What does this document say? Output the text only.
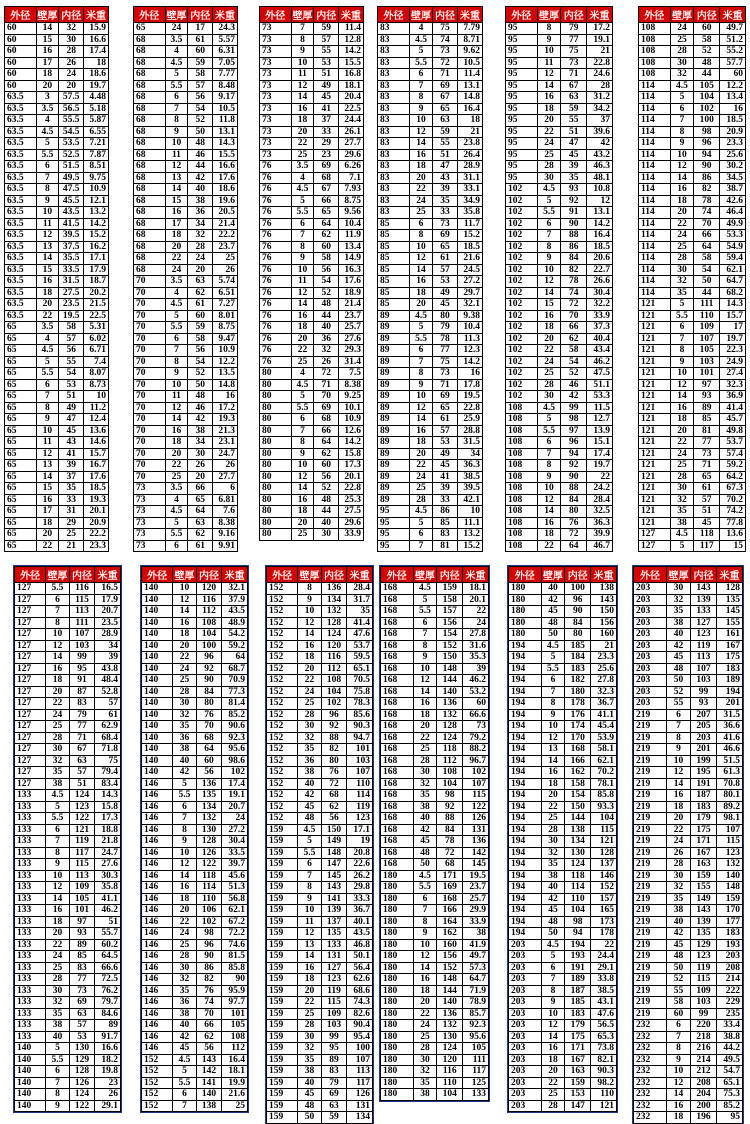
外径	壁厚	内径	米重
60	14	32	15.9
60	15	30	16.6
60	16	28	17.4
60	17	26	18
60	18	24	18.6
60	20	20	19.7
63.5	3	57.5	4.48
63.5	3.5	56.5	5.18
63.5	4	55.5	5.87
63.5	4.5	54.5	6.55
63.5	5	53.5	7.21
63.5	5.5	52.5	7.87
63.5	6	51.5	8.51
63.5	7	49.5	9.75
63.5	8	47.5	10.9
63.5	9	45.5	12.1
63.5	10	43.5	13.2
63.5	11	41.5	14.2
63.5	12	39.5	15.2
63.5	13	37.5	16.2
63.5	14	35.5	17.1
63.5	15	33.5	17.9
63.5	16	31.5	18.7
63.5	18	27.5	20.2
63.5	20	23.5	21.5
63.5	22	19.5	22.5
65	3.5	58	5.31
65	4	57	6.02
65	4.5	56	6.71
65	5	55	7.4
65	5.5	54	8.07
65	6	53	8.73
65	7	51	10
65	8	49	11.2
65	9	47	12.4
65	10	45	13.6
65	11	43	14.6
65	12	41	15.7
65	13	39	16.7
65	14	37	17.6
65	15	35	18.5
65	16	33	19.3
65	17	31	20.1
65	18	29	20.9
65	20	25	22.2
65	22	21	23.3
外径	壁厚	内径	米重
65	24	17	24.3
68	3.5	61	5.57
68	4	60	6.31
68	4.5	59	7.05
68	5	58	7.77
68	5.5	57	8.48
68	6	56	9.17
68	7	54	10.5
68	8	52	11.8
68	9	50	13.1
68	10	48	14.3
68	11	46	15.5
68	12	44	16.6
68	13	42	17.6
68	14	40	18.6
68	15	38	19.6
68	16	36	20.5
68	17	34	21.4
68	18	32	22.2
68	20	28	23.7
68	22	24	25
68	24	20	26
70	3.5	63	5.74
70	4	62	6.51
70	4.5	61	7.27
70	5	60	8.01
70	5.5	59	8.75
70	6	58	9.47
70	7	56	10.9
70	8	54	12.2
70	9	52	13.5
70	10	50	14.8
70	11	48	16
70	12	46	17.2
70	14	42	19.3
70	16	38	21.3
70	18	34	23.1
70	20	30	24.7
70	22	26	26
70	25	20	27.7
73	3.5	66	6
73	4	65	6.81
73	4.5	64	7.6
73	5	63	8.38
73	5.5	62	9.16
73	6	61	9.91
外径	壁厚	内径	米重
73	7	59	11.4
73	8	57	12.8
73	9	55	14.2
73	10	53	15.5
73	11	51	16.8
73	12	49	18.1
73	14	45	20.4
73	16	41	22.5
73	18	37	24.4
73	20	33	26.1
73	22	29	27.7
73	25	23	29.6
76	3.5	69	6.26
76	4	68	7.1
76	4.5	67	7.93
76	5	66	8.75
76	5.5	65	9.56
76	6	64	10.4
76	7	62	11.9
76	8	60	13.4
76	9	58	14.9
76	10	56	16.3
76	11	54	17.6
76	12	52	18.9
76	14	48	21.4
76	16	44	23.7
76	18	40	25.7
76	20	36	27.6
76	22	32	29.3
76	25	26	31.4
80	4	72	7.5
80	4.5	71	8.38
80	5	70	9.25
80	5.5	69	10.1
80	6	68	10.9
80	7	66	12.6
80	8	64	14.2
80	9	62	15.8
80	10	60	17.3
80	12	56	20.1
80	14	52	22.8
80	16	48	25.3
80	18	44	27.5
80	20	40	29.6
80	25	30	33.9
外径	壁厚	内径	米重
83	4	75	7.79
83	4.5	74	8.71
83	5	73	9.62
83	5.5	72	10.5
83	6	71	11.4
83	7	69	13.1
83	8	67	14.8
83	9	65	16.4
83	10	63	18
83	12	59	21
83	14	55	23.8
83	16	51	26.4
83	18	47	28.9
83	20	43	31.1
83	22	39	33.1
83	24	35	34.9
83	25	33	35.8
85	6	73	11.7
85	8	69	15.2
85	10	65	18.5
85	12	61	21.6
85	14	57	24.5
85	16	53	27.2
85	18	49	29.7
85	20	45	32.1
89	4.5	80	9.38
89	5	79	10.4
89	5.5	78	11.3
89	6	77	12.3
89	7	75	14.2
89	8	73	16
89	9	71	17.8
89	10	69	19.5
89	12	65	22.8
89	14	61	25.9
89	16	57	28.8
89	18	53	31.5
89	20	49	34
89	22	45	36.3
89	24	41	38.5
89	25	39	39.5
89	28	33	42.1
95	4.5	86	10
95	5	85	11.1
95	6	83	13.2
95	7	81	15.2
外径	壁厚	内径	米重
95	8	79	17.2
95	9	77	19.1
95	10	75	21
95	11	73	22.8
95	12	71	24.6
95	14	67	28
95	16	63	31.2
95	18	59	34.2
95	20	55	37
95	22	51	39.6
95	24	47	42
95	25	45	43.2
95	28	39	46.3
95	30	35	48.1
102	4.5	93	10.8
102	5	92	12
102	5.5	91	13.1
102	6	90	14.2
102	7	88	16.4
102	8	86	18.5
102	9	84	20.6
102	10	82	22.7
102	12	78	26.6
102	14	74	30.4
102	15	72	32.2
102	16	70	33.9
102	18	66	37.3
102	20	62	40.4
102	22	58	43.4
102	24	54	46.2
102	25	52	47.5
102	28	46	51.1
102	30	42	53.3
108	4.5	99	11.5
108	5	98	12.7
108	5.5	97	13.9
108	6	96	15.1
108	7	94	17.4
108	8	92	19.7
108	9	90	22
108	10	88	24.2
108	12	84	28.4
108	14	80	32.5
108	16	76	36.3
108	18	72	39.9
108	22	64	46.7
外径	壁厚	内径	米重
108	24	60	49.7
108	25	58	51.2
108	28	52	55.2
108	30	48	57.7
108	32	44	60
114	4.5	105	12.2
114	5	104	13.4
114	6	102	16
114	7	100	18.5
114	8	98	20.9
114	9	96	23.3
114	10	94	25.6
114	12	90	30.2
114	14	86	34.5
114	16	82	38.7
114	18	78	42.6
114	20	74	46.4
114	22	70	49.9
114	24	66	53.3
114	25	64	54.9
114	28	58	59.4
114	30	54	62.1
114	32	50	64.7
114	35	44	68.2
121	5	111	14.3
121	5.5	110	15.7
121	6	109	17
121	7	107	19.7
121	8	105	22.3
121	9	103	24.9
121	10	101	27.4
121	12	97	32.3
121	14	93	36.9
121	16	89	41.4
121	18	85	45.7
121	20	81	49.8
121	22	77	53.7
121	24	73	57.4
121	25	71	59.2
121	28	65	64.2
121	30	61	67.3
121	32	57	70.2
121	35	51	74.2
121	38	45	77.8
127	4.5	118	13.6
127	5	117	15
外径	壁厚	内径	米重
127	5.5	116	16.5
127	6	115	17.9
127	7	113	20.7
127	8	111	23.5
127	10	107	28.9
127	12	103	34
127	14	99	39
127	16	95	43.8
127	18	91	48.4
127	20	87	52.8
127	22	83	57
127	24	79	61
127	25	77	62.9
127	28	71	68.4
127	30	67	71.8
127	32	63	75
127	35	57	79.4
127	38	51	83.4
133	4.5	124	14.3
133	5	123	15.8
133	5.5	122	17.3
133	6	121	18.8
133	7	119	21.8
133	8	117	24.7
133	9	115	27.6
133	10	113	30.3
133	12	109	35.8
133	14	105	41.1
133	16	101	46.2
133	18	97	51
133	20	93	55.7
133	22	89	60.2
133	24	85	64.5
133	25	83	66.6
133	28	77	72.5
133	30	73	76.2
133	32	69	79.7
133	35	63	84.6
133	38	57	89
133	40	53	91.7
140	5	130	16.6
140	5.5	129	18.2
140	6	128	19.8
140	7	126	23
140	8	124	26
140	9	122	29.1
外径	壁厚	内径	米重
140	10	120	32.1
140	12	116	37.9
140	14	112	43.5
140	16	108	48.9
140	18	104	54.2
140	20	100	59.2
140	22	96	64
140	24	92	68.7
140	25	90	70.9
140	28	84	77.3
140	30	80	81.4
140	32	76	85.2
140	35	70	90.6
140	36	68	92.3
140	38	64	95.6
140	40	60	98.6
140	42	56	102
146	5	136	17.4
146	5.5	135	19.1
146	6	134	20.7
146	7	132	24
146	8	130	27.2
146	9	128	30.4
146	10	126	33.5
146	12	122	39.7
146	14	118	45.6
146	16	114	51.3
146	18	110	56.8
146	20	106	62.1
146	22	102	67.2
146	24	98	72.2
146	25	96	74.6
146	28	90	81.5
146	30	86	85.8
146	32	82	90
146	35	76	95.9
146	36	74	97.7
146	38	70	101
146	40	66	105
146	42	62	108
146	45	56	112
152	4.5	143	16.4
152	5	142	18.1
152	5.5	141	19.9
152	6	140	21.6
152	7	138	25
外径	壁厚	内径	米重
152	8	136	28.4
152	9	134	31.7
152	10	132	35
152	12	128	41.4
152	14	124	47.6
152	16	120	53.7
152	18	116	59.5
152	20	112	65.1
152	22	108	70.5
152	24	104	75.8
152	25	102	78.3
152	28	96	85.6
152	30	92	90.3
152	32	88	94.7
152	35	82	101
152	36	80	103
152	38	76	107
152	40	72	110
152	42	68	114
152	45	62	119
152	48	56	123
159	4.5	150	17.1
159	5	149	19
159	5.5	148	20.8
159	6	147	22.6
159	7	145	26.2
159	8	143	29.8
159	9	141	33.3
159	10	139	36.7
159	11	137	40.1
159	12	135	43.5
159	13	133	46.8
159	14	131	50.1
159	16	127	56.4
159	18	123	62.6
159	20	119	68.6
159	22	115	74.3
159	25	109	82.6
159	28	103	90.4
159	30	99	95.4
159	32	95	100
159	35	89	107
159	38	83	113
159	40	79	117
159	45	69	126
159	48	63	131
159	50	59	134
外径	壁厚	内径	米重
168	4.5	159	18.1
168	5	158	20.1
168	5.5	157	22
168	6	156	24
168	7	154	27.8
168	8	152	31.6
168	9	150	35.3
168	10	148	39
168	12	144	46.2
168	14	140	53.2
168	16	136	60
168	18	132	66.6
168	20	128	73
168	22	124	79.2
168	25	118	88.2
168	28	112	96.7
168	30	108	102
168	32	104	107
168	35	98	115
168	38	92	122
168	40	88	126
168	42	84	131
168	45	78	136
168	48	72	142
168	50	68	145
180	4.5	171	19.5
180	5.5	169	23.7
180	6	168	25.7
180	7	166	29.9
180	8	164	33.9
180	9	162	38
180	10	160	41.9
180	12	156	49.7
180	14	152	57.3
180	16	148	64.7
180	18	144	71.9
180	20	140	78.9
180	22	136	85.7
180	24	132	92.3
180	25	130	95.6
180	28	124	105
180	30	120	111
180	32	116	117
180	35	110	125
180	38	104	133
外径	壁厚	内径	米重
180	40	100	138
180	42	96	143
180	45	90	150
180	48	84	156
180	50	80	160
194	4.5	185	21
194	5	184	23.3
194	5.5	183	25.6
194	6	182	27.8
194	7	180	32.3
194	8	178	36.7
194	9	176	41.1
194	10	174	45.4
194	12	170	53.9
194	13	168	58.1
194	14	166	62.1
194	16	162	70.2
194	18	158	78.1
194	20	154	85.8
194	22	150	93.3
194	25	144	104
194	28	138	115
194	30	134	121
194	32	130	128
194	35	124	137
194	38	118	146
194	40	114	152
194	42	110	157
194	45	104	165
194	48	98	173
194	50	94	178
203	4.5	194	22
203	5	193	24.4
203	6	191	29.1
203	7	189	33.8
203	8	187	38.5
203	9	185	43.1
203	10	183	47.6
203	12	179	56.5
203	14	175	65.3
203	16	171	73.8
203	18	167	82.1
203	20	163	90.3
203	22	159	98.2
203	25	153	110
203	28	147	121
外径	壁厚	内径	米重
203	30	143	128
203	32	139	135
203	35	133	145
203	38	127	155
203	40	123	161
203	42	119	167
203	45	113	175
203	48	107	183
203	50	103	189
203	52	99	194
203	55	93	201
219	6	207	31.5
219	7	205	36.6
219	8	203	41.6
219	9	201	46.6
219	10	199	51.5
219	12	195	61.3
219	14	191	70.8
219	16	187	80.1
219	18	183	89.2
219	20	179	98.1
219	22	175	107
219	24	171	115
219	26	167	123
219	28	163	132
219	30	159	140
219	32	155	148
219	35	149	159
219	38	143	170
219	40	139	177
219	42	135	183
219	45	129	193
219	48	123	203
219	50	119	208
219	52	115	214
219	55	109	222
219	58	103	229
219	60	99	235
232	6	220	33.4
232	7	218	38.8
232	8	216	44.2
232	9	214	49.5
232	10	212	54.7
232	12	208	65.1
232	14	204	75.3
232	16	200	85.2
232	18	196	95
